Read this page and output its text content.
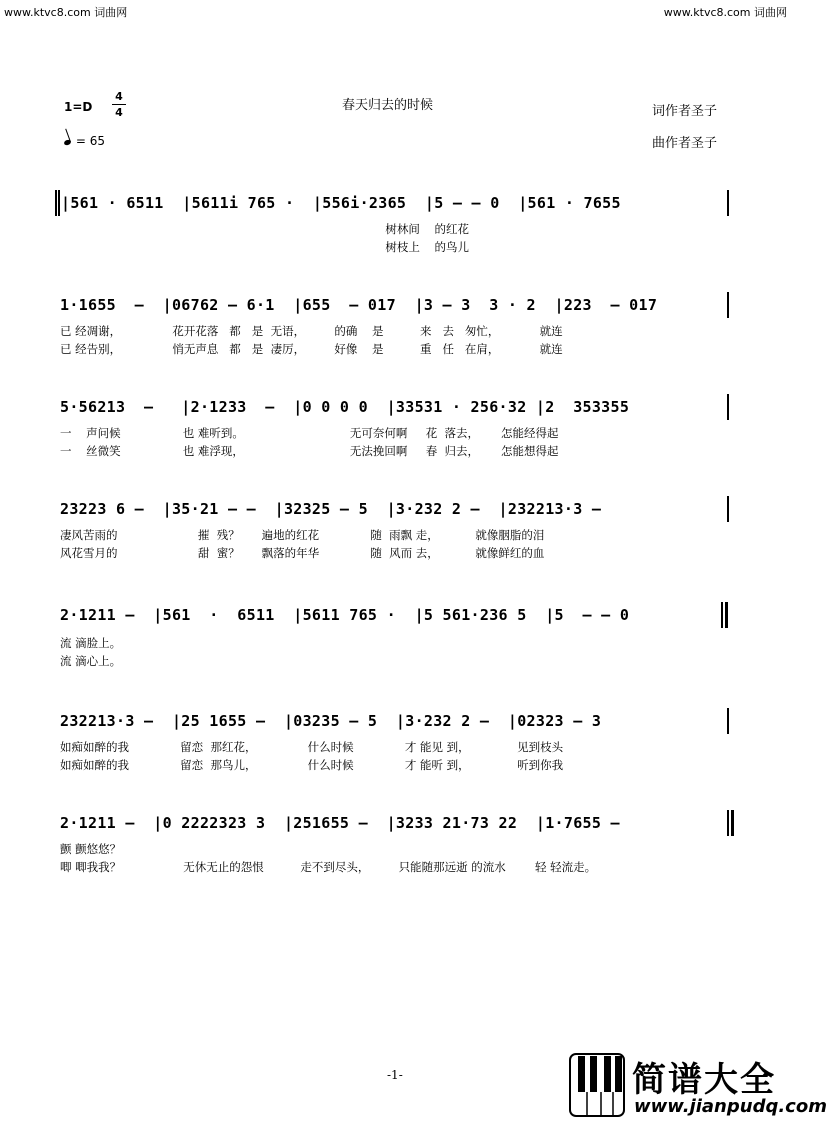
www.ktvc8.com 词曲网	www.ktvc8.com 词曲网
春天归去的时候	词作者圣子
曲作者圣子
1=D
4
4
= 65
|561 · 6511  |5611i 765 ·  |556i·2365  |5 — — 0  |561 · 7655
树林间    的红花
树枝上    的鸟儿
1·1655  —  |06762 — 6·1  |655  — 017  |3 — 3  3 · 2  |223  — 017
已 经凋谢，              花开花落   都   是  无语，        的确    是          来   去   匆忙，           就连
已 经告别，              悄无声息   都   是  凄厉，        好像    是          重   任   在肩，           就连
5·56213  —   |2·1233  —  |0 0 0 0  |33531 · 256·32 |2  353355
一    声问候                 也 难听到。                             无可奈何啊     花  落去，      怎能经得起
一    丝微笑                 也 难浮现，                             无法挽回啊     春  归去，      怎能想得起
23223 6 —  |35·21 — —  |32325 — 5  |3·232 2 —  |232213·3 —
凄风苦雨的                      摧  残？      遍地的红花              随  雨飘 走，          就像胭脂的泪
风花雪月的                      甜  蜜？      飘落的年华              随  风而 去，          就像鲜红的血
2·1211 —  |561  ·  6511  |5611 765 ·  |5 561·236 5  |5  — — 0
流 滴脸上。
流 滴心上。
232213·3 —  |25 1655 —  |03235 — 5  |3·232 2 —  |02323 — 3
如痴如醉的我              留恋  那红花，              什么时候              才 能见 到，             见到枝头
如痴如醉的我              留恋  那鸟儿，              什么时候              才 能听 到，             听到你我
2·1211 —  |0 2222323 3  |251655 —  |3233 21·73 22  |1·7655 —
颤 颤悠悠？
唧 唧我我？                 无休无止的怨恨          走不到尽头，        只能随那远逝 的流水        轻 轻流走。
-1-	简谱大全
www.jianpudq.com
